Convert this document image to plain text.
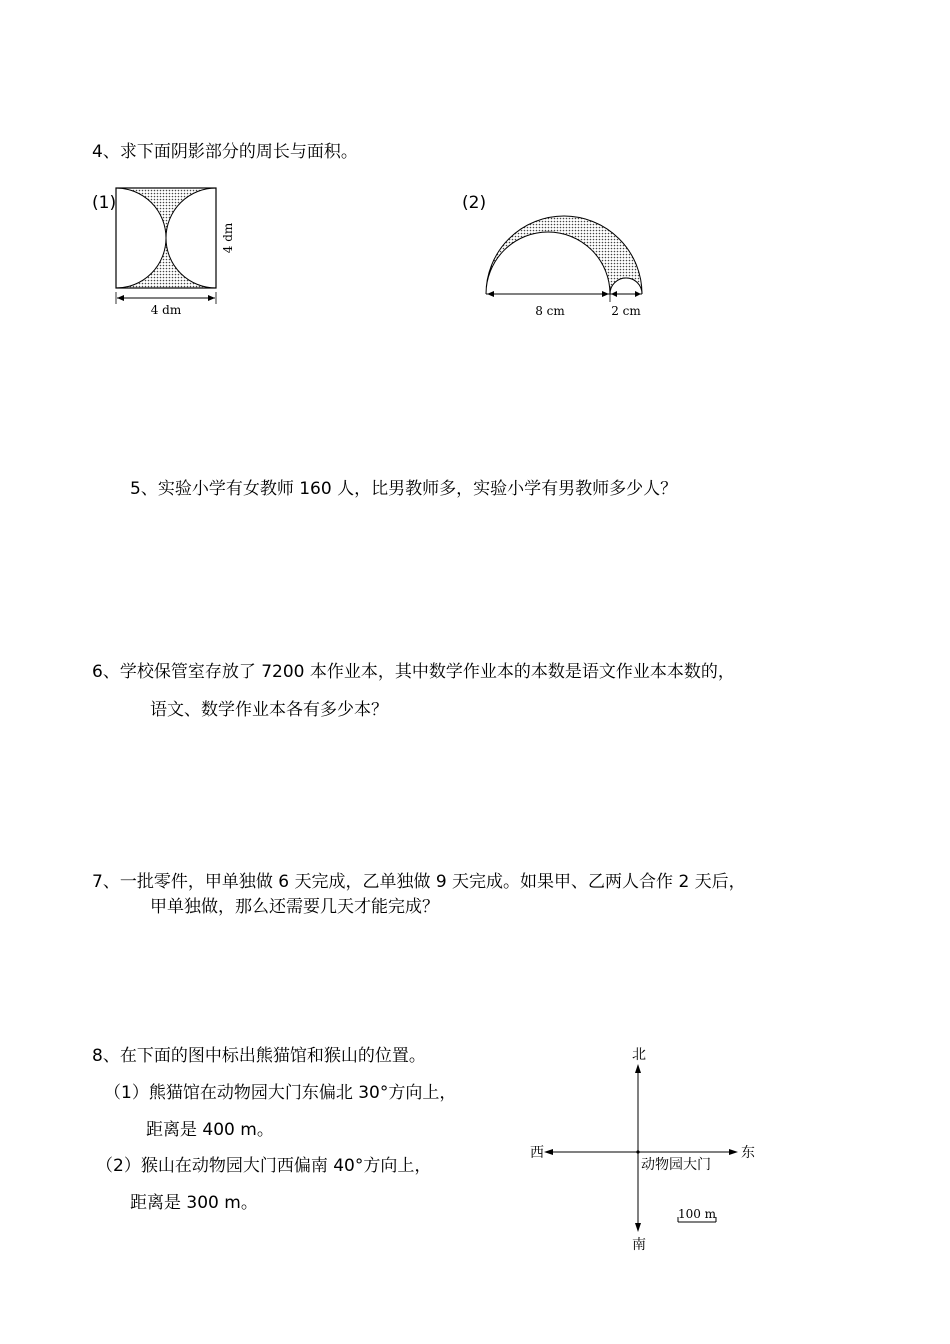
4、求下面阴影部分的周长与面积。
(1)
4 dm
4 dm
(2)
8 cm	2 cm
5、实验小学有女教师 160 人，比男教师多，实验小学有男教师多少人？
6、学校保管室存放了 7200 本作业本，其中数学作业本的本数是语文作业本本数的，
语文、数学作业本各有多少本？
7、一批零件，甲单独做 6 天完成，乙单独做 9 天完成。如果甲、乙两人合作 2 天后，
甲单独做，那么还需要几天才能完成？
8、在下面的图中标出熊猫馆和猴山的位置。
（1）熊猫馆在动物园大门东偏北 30°方向上，
距离是 400 m。
（2）猴山在动物园大门西偏南 40°方向上，
距离是 300 m。
北
南
西	东
动物园大门
100 m
